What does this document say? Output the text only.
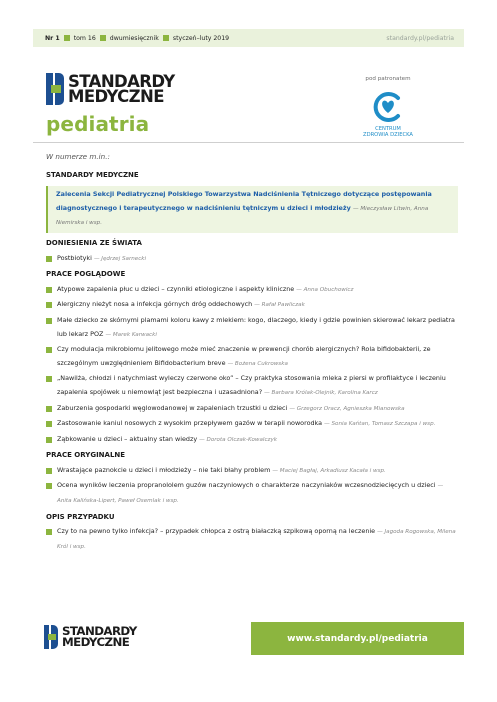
Nr 1 tom 16 dwumiesięcznik styczeń–luty 2019	standardy.pl/pediatria
STANDARDY
MEDYCZNE
pediatria
pod patronatem
CENTRUM
ZDROWIA DZIECKA
W numerze m.in.:
STANDARDY MEDYCZNE
Zalecenia Sekcji Pediatrycznej Polskiego Towarzystwa Nadciśnienia Tętniczego dotyczące postępowania diagnostycznego i terapeutycznego w nadciśnieniu tętniczym u dzieci i młodzieży — Mieczysław Litwin, Anna Niemirska i wsp.
DONIESIENIA ZE ŚWIATA
Postbiotyki — Jędrzej Sarnecki
PRACE POGLĄDOWE
Atypowe zapalenia płuc u dzieci – czynniki etiologiczne i aspekty kliniczne — Anna Obuchowicz
Alergiczny nieżyt nosa a infekcja górnych dróg oddechowych — Rafał Pawliczak
Małe dziecko ze skórnymi plamami koloru kawy z mlekiem: kogo, dlaczego, kiedy i gdzie powinien skierować lekarz pediatra lub lekarz POZ — Marek Karwacki
Czy modulacja mikrobiomu jelitowego może mieć znaczenie w prewencji chorób alergicznych? Rola bifidobakterii, ze szczególnym uwzględnieniem Bifidobacterium breve — Bożena Cukrowska
„Nawilża, chłodzi i natychmiast wyleczy czerwone oko” – Czy praktyka stosowania mleka z piersi w profilaktyce i leczeniu zapalenia spojówek u niemowląt jest bezpieczna i uzasadniona? — Barbara Królak-Olejnik, Karolina Karcz
Zaburzenia gospodarki węglowodanowej w zapaleniach trzustki u dzieci — Grzegorz Oracz, Agnieszka Mianowska
Zastosowanie kaniul nosowych z wysokim przepływem gazów w terapii noworodka — Sonia Kańtan, Tomasz Szczapa i wsp.
Ząbkowanie u dzieci – aktualny stan wiedzy — Dorota Olczak-Kowalczyk
PRACE ORYGINALNE
Wrastające paznokcie u dzieci i młodzieży – nie taki błahy problem — Maciej Bagłaj, Arkadiusz Kacała i wsp.
Ocena wyników leczenia propranololem guzów naczyniowych o charakterze naczyniaków wczesnodziecięcych u dzieci — Anita Kalińska-Lipert, Paweł Osemlak i wsp.
OPIS PRZYPADKU
Czy to na pewno tylko infekcja? – przypadek chłopca z ostrą białaczką szpikową oporną na leczenie — Jagoda Rogowska, Milena Król i wsp.
STANDARDY
MEDYCZNE	www.standardy.pl/pediatria
